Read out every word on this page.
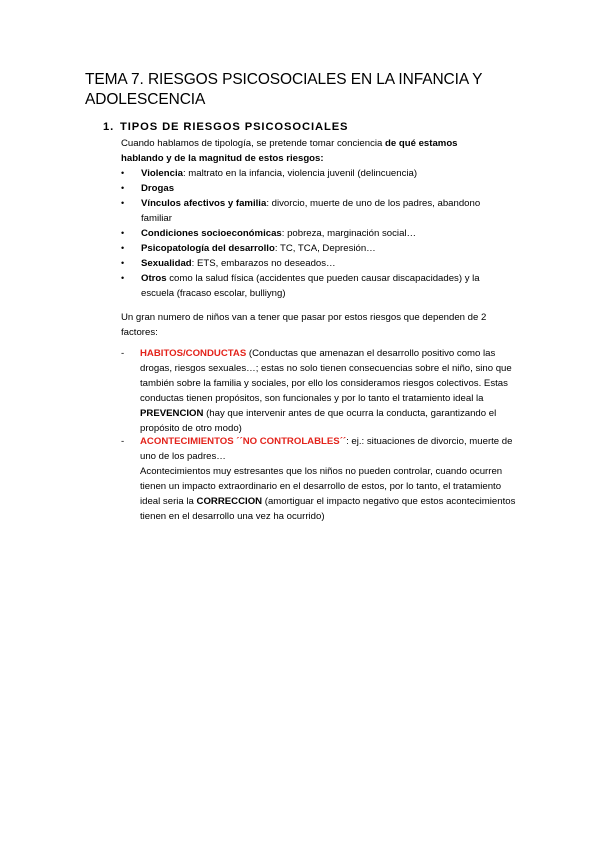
TEMA 7. RIESGOS PSICOSOCIALES EN LA INFANCIA Y
ADOLESCENCIA
1. TIPOS DE RIESGOS PSICOSOCIALES
Cuando hablamos de tipología, se pretende tomar conciencia de qué estamos hablando y de la magnitud de estos riesgos:
• Violencia: maltrato en la infancia, violencia juvenil (delincuencia)
• Drogas
• Vínculos afectivos y familia: divorcio, muerte de uno de los padres, abandono familiar
• Condiciones socioeconómicas: pobreza, marginación social…
• Psicopatología del desarrollo: TC, TCA, Depresión…
• Sexualidad: ETS, embarazos no deseados…
• Otros como la salud física (accidentes que pueden causar discapacidades) y la escuela (fracaso escolar, bulliyng)
Un gran numero de niños van a tener que pasar por estos riesgos que dependen de 2 factores:
- HABITOS/CONDUCTAS (Conductas que amenazan el desarrollo positivo como las drogas, riesgos sexuales…; estas no solo tienen consecuencias sobre el niño, sino que también sobre la familia y sociales, por ello los consideramos riesgos colectivos. Estas conductas tienen propósitos, son funcionales y por lo tanto el tratamiento ideal la PREVENCION (hay que intervenir antes de que ocurra la conducta, garantizando el propósito de otro modo)
- ACONTECIMIENTOS ´´NO CONTROLABLES´´: ej.: situaciones de divorcio, muerte de uno de los padres…
Acontecimientos muy estresantes que los niños no pueden controlar, cuando ocurren tienen un impacto extraordinario en el desarrollo de estos, por lo tanto, el tratamiento ideal seria la CORRECCION (amortiguar el impacto negativo que estos acontecimientos tienen en el desarrollo una vez ha ocurrido)
